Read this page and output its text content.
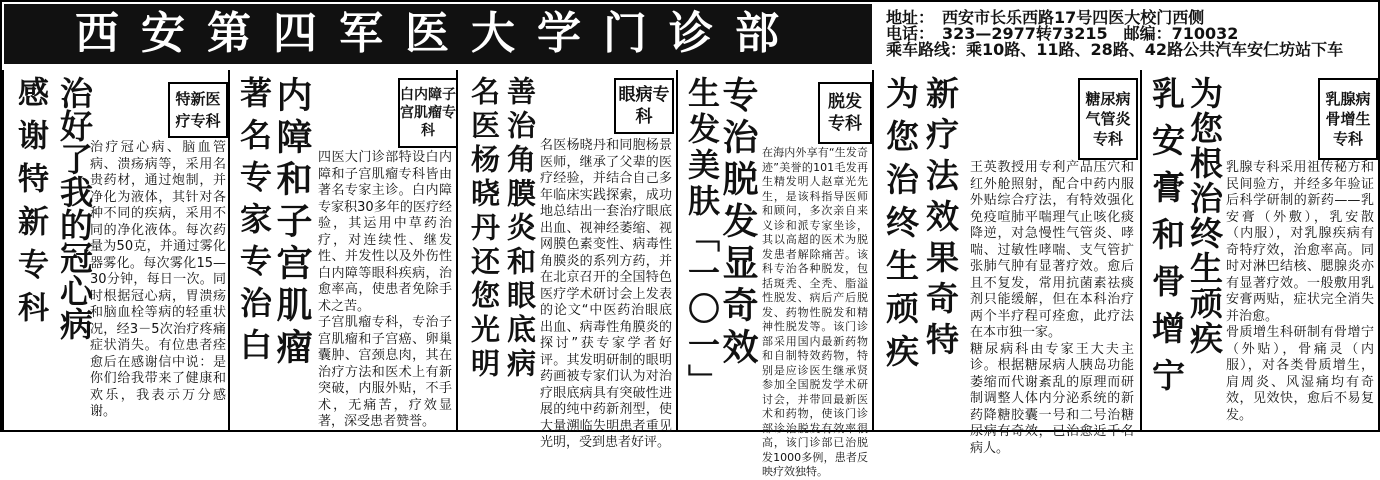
西安第四军医大学门诊部	地址：　西安市长乐西路17号四医大校门西侧
电话：　323—2977转73215　邮编：710032
乘车路线：乘10路、11路、28路、42路公共汽车安仁坊站下车
感谢特新专科 治好了我的冠心病	特新医疗专科

治疗冠心病、脑血管病、溃疡病等，采用名贵药材，通过炮制，并净化为液体，其针对各种不同的疾病，采用不同的净化液体。每次药量为50克，并通过雾化器雾化。每次雾化15—30分钟，每日一次。同时根据冠心病，胃溃疡和脑血栓等病的轻重状况，经3－5次治疗疼痛症状消失。有位患者痊愈后在感谢信中说：是你们给我带来了健康和欢乐，我表示万分感谢。

著名专家专治白
内障和子宫肌瘤	白内障子宫肌瘤专科

四医大门诊部特设白内障和子宫肌瘤专科皆由著名专家主诊。白内障专家积30多年的医疗经验，其运用中草药治疗，对连续性、继发性、并发性以及外伤性白内障等眼科疾病，治愈率高，使患者免除手术之苦。

子宫肌瘤专科，专治子宫肌瘤和子宫癌、卵巢囊肿、宫颈息肉，其在治疗方法和医术上有新突破，内服外贴，不手术，无痛苦，疗效显著，深受患者赞誉。

名医杨晓丹还您光明 善治角膜炎和眼底病	眼病专科

名医杨晓丹和同胞杨景医师，继承了父辈的医疗经验，并结合自己多年临床实践探索，成功地总结出一套治疗眼底出血、视神经萎缩、视网膜色素变性、病毒性角膜炎的系列方药，并在北京召开的全国特色医疗学术研讨会上发表的论文“中医药治眼底出血、病毒性角膜炎的探讨”获专家学者好评。其发明研制的眼明药画被专家们认为对治疗眼底病具有突破性进展的纯中药新剂型，使大量溯临失明患者重见光明，受到患者好评。

生发美肤「一〇一」
专治脱发显奇效	脱发专科

在海内外享有“生发奇迹”美誉的101毛发再生精发明人赵章光先生，是该科指导医师和顾问，多次亲自来义诊和派专家坐诊，其以高超的医术为脱发患者解除痛苦。该科专治各种脱发，包括斑秃、全秃、脂溢性脱发、病后产后脱发、药物性脱发和精神性脱发等。该门诊部采用国内最新药物和自制特效药物，特别是应诊医生继承贤参加全国脱发学术研讨会，并带回最新医术和药物，使该门诊部诊治脱发有效率很高，该门诊部已治脱发1000多例，患者反映疗效独特。

为您治终生顽疾 新疗法效果奇特	糖尿病气管炎专科

王英教授用专利产品压穴和红外舱照射，配合中药内服外贴综合疗法，有特效强化免疫喧肺平喘理气止咳化痰降逆，对急慢性气管炎、哮喘、过敏性哮喘、支气管扩张肺气肿有显著疗效。愈后且不复发，常用抗菌素祛痰剂只能缓解，但在本科治疗两个半疗程可痊愈，此疗法在本市独一家。

糖尿病科由专家王大夫主诊。根据糖尿病人胰岛功能萎缩而代谢紊乱的原理而研制调整人体内分泌系统的新药降糖胶囊一号和二号治糖尿病有奇效，已治愈近千名病人。

乳安膏和骨增宁 为您根治终生顽疾	乳腺病骨增生专科

乳腺专科采用祖传秘方和民间验方，并经多年验证后科学研制的新药——乳安膏（外敷），乳安散（内服），对乳腺疾病有奇特疗效，治愈率高。同时对淋巴结核、腮腺炎亦有显著疗效。一般敷用乳安膏两贴，症状完全消失并治愈。

骨质增生科研制有骨增宁（外贴），骨痛灵（内服），对各类骨质增生，肩周炎、风湿痛均有奇效，见效快，愈后不易复发。
